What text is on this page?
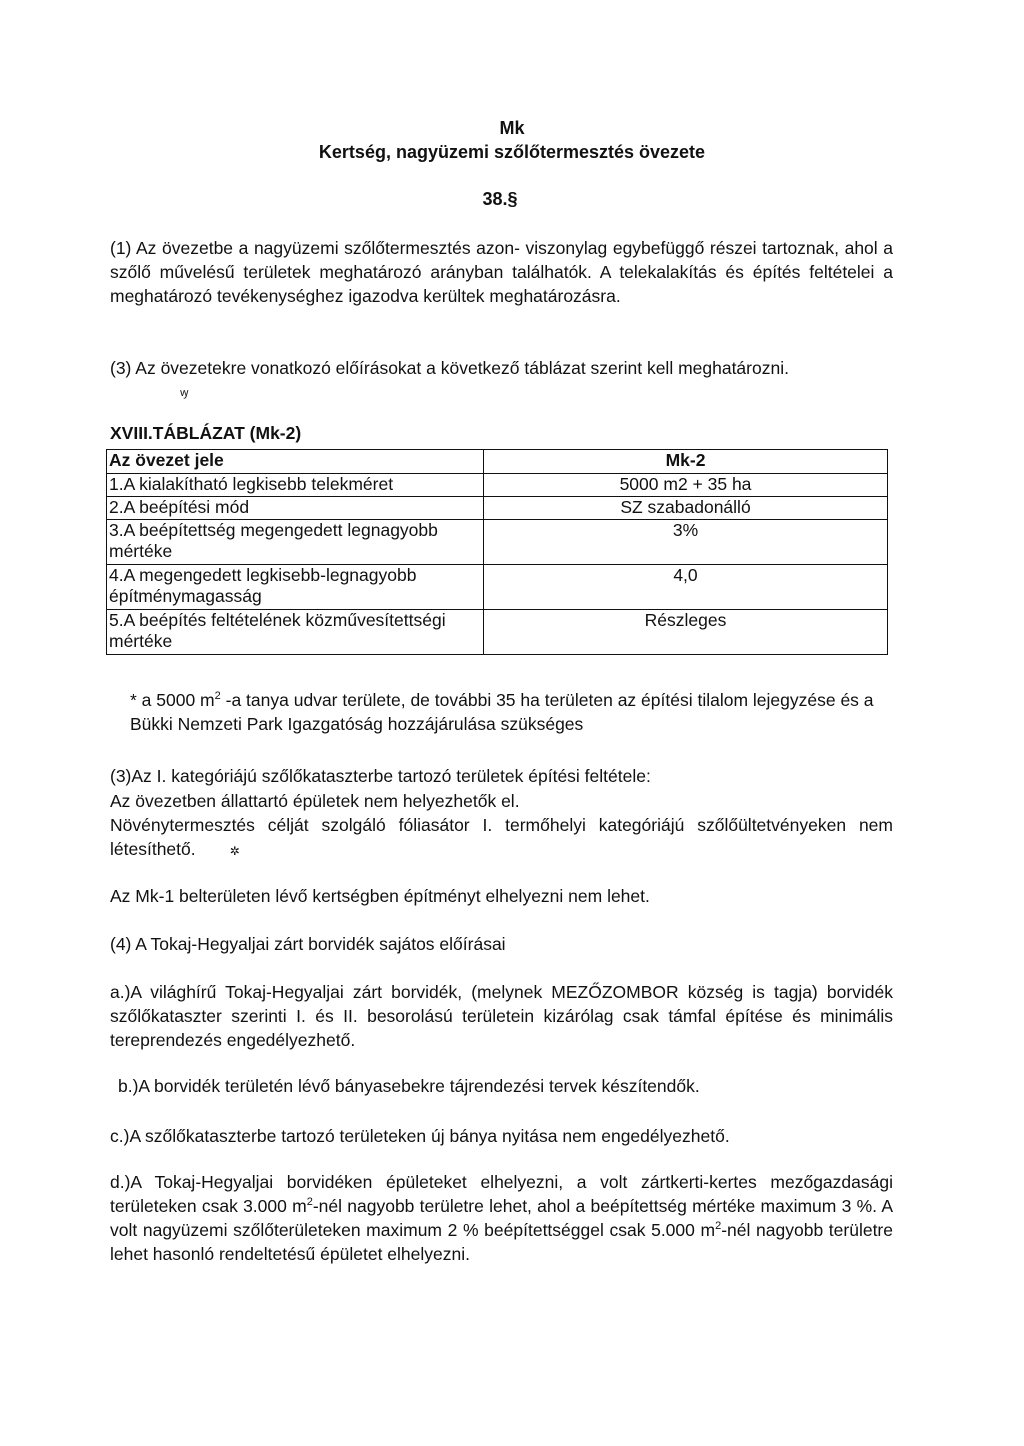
Mk
Kertség, nagyüzemi szőlőtermesztés övezete
38.§
(1) Az övezetbe a nagyüzemi szőlőtermesztés azon- viszonylag egybefüggő részei tartoznak, ahol a szőlő művelésű területek meghatározó arányban találhatók. A telekalakítás és építés feltételei a meghatározó tevékenységhez igazodva kerültek meghatározásra.
(3) Az övezetekre vonatkozó előírásokat a következő táblázat szerint kell meghatározni.ꝡ
XVIII.TÁBLÁZAT (Mk-2)
Az övezet jele	Mk-2
1.A kialakítható legkisebb telekméret	5000 m2 + 35 ha
2.A beépítési mód	SZ szabadonálló
3.A beépítettség megengedett legnagyobb mértéke	3%
4.A megengedett legkisebb-legnagyobb építménymagasság	4,0
5.A beépítés feltételének közművesítettségi mértéke	Részleges
* a 5000 $m^2$ -a tanya udvar területe, de további 35 ha területen az építési tilalom lejegyzése és a Bükki Nemzeti Park Igazgatóság hozzájárulása szükséges
(3)Az I. kategóriájú szőlőkataszterbe tartozó területek építési feltétele:
Az övezetben állattartó épületek nem helyezhetők el.
Növénytermesztés célját szolgáló fóliasátor I. termőhelyi kategóriájú szőlőültetvényeken nem létesíthető.	✲
Az Mk-1 belterületen lévő kertségben építményt elhelyezni nem lehet.
(4) A Tokaj-Hegyaljai zárt borvidék sajátos előírásai
a.)A világhírű Tokaj-Hegyaljai zárt borvidék, (melynek MEZŐZOMBOR község is tagja) borvidék szőlőkataszter szerinti I. és II. besorolású területein kizárólag csak támfal építése és minimális tereprendezés engedélyezhető.
b.)A borvidék területén lévő bányasebekre tájrendezési tervek készítendők.
c.)A szőlőkataszterbe tartozó területeken új bánya nyitása nem engedélyezhető.
d.)A Tokaj-Hegyaljai borvidéken épületeket elhelyezni, a volt zártkerti-kertes mezőgazdasági területeken csak 3.000 $m^2$-nél nagyobb területre lehet, ahol a beépítettség mértéke maximum 3 %. A volt nagyüzemi szőlőterületeken maximum 2 % beépítettséggel csak 5.000 $m^2$-nél nagyobb területre lehet hasonló rendeltetésű épületet elhelyezni.
